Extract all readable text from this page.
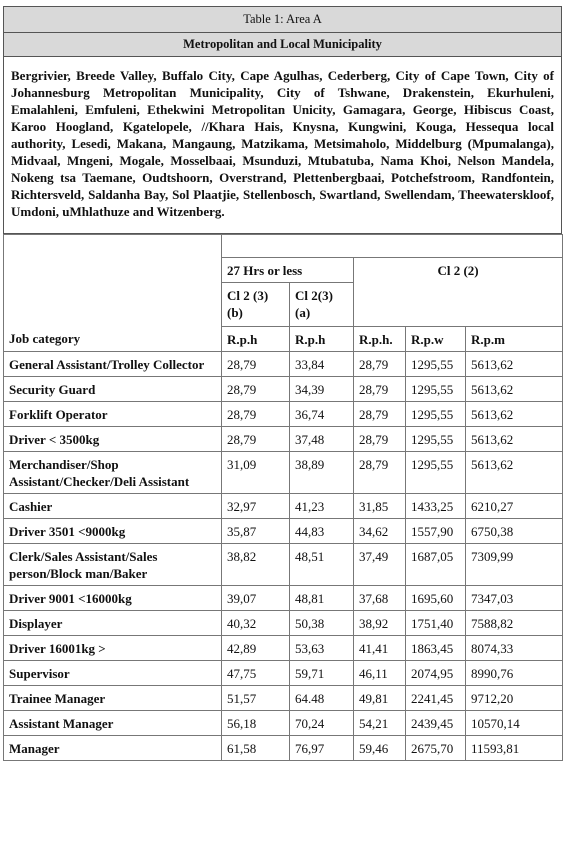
Table 1: Area A
Metropolitan and Local Municipality
Bergrivier, Breede Valley, Buffalo City, Cape Agulhas, Cederberg, City of Cape Town, City of Johannesburg Metropolitan Municipality, City of Tshwane, Drakenstein, Ekurhuleni, Emalahleni, Emfuleni, Ethekwini Metropolitan Unicity, Gamagara, George, Hibiscus Coast, Karoo Hoogland, Kgatelopele, //Khara Hais, Knysna, Kungwini, Kouga, Hessequa local authority, Lesedi, Makana, Mangaung, Matzikama, Metsimaholo, Middelburg (Mpumalanga), Midvaal, Mngeni, Mogale, Mosselbaai, Msunduzi, Mtubatuba, Nama Khoi, Nelson Mandela, Nokeng tsa Taemane, Oudtshoorn, Overstrand, Plettenbergbaai, Potchefstroom, Randfontein, Richtersveld, Saldanha Bay, Sol Plaatjie, Stellenbosch, Swartland, Swellendam, Theewaterskloof, Umdoni, uMhlathuze and Witzenberg.

	27 Hrs or less		Cl 2 (2)		
	Cl 2 (3)(b)	Cl 2(3)(a)			
Job category	R.p.h	R.p.h	R.p.h.	R.p.w	R.p.m
General Assistant/Trolley Collector	28,79	33,84	28,79	1295,55	5613,62
Security Guard	28,79	34,39	28,79	1295,55	5613,62
Forklift Operator	28,79	36,74	28,79	1295,55	5613,62
Driver < 3500kg	28,79	37,48	28,79	1295,55	5613,62
Merchandiser/Shop Assistant/Checker/Deli Assistant	31,09	38,89	28,79	1295,55	5613,62
Cashier	32,97	41,23	31,85	1433,25	6210,27
Driver 3501 <9000kg	35,87	44,83	34,62	1557,90	6750,38
Clerk/Sales Assistant/Sales person/Block man/Baker	38,82	48,51	37,49	1687,05	7309,99
Driver 9001 <16000kg	39,07	48,81	37,68	1695,60	7347,03
Displayer	40,32	50,38	38,92	1751,40	7588,82
Driver 16001kg >	42,89	53,63	41,41	1863,45	8074,33
Supervisor	47,75	59,71	46,11	2074,95	8990,76
Trainee Manager	51,57	64.48	49,81	2241,45	9712,20
Assistant Manager	56,18	70,24	54,21	2439,45	10570,14
Manager	61,58	76,97	59,46	2675,70	11593,81
